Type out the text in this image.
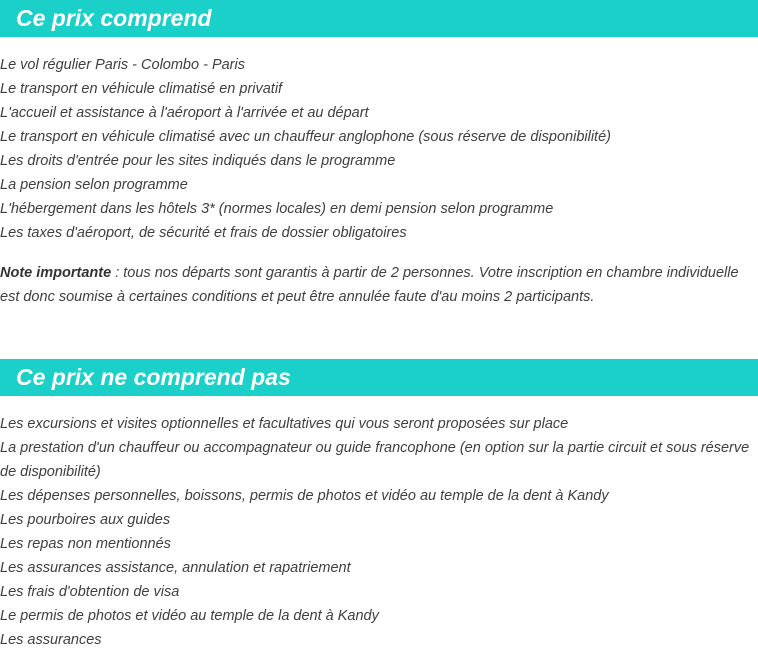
Ce prix comprend
Le vol régulier Paris - Colombo - Paris
Le transport en véhicule climatisé en privatif
L'accueil et assistance à l'aéroport à l'arrivée et au départ
Le transport en véhicule climatisé avec un chauffeur anglophone (sous réserve de disponibilité)
Les droits d'entrée pour les sites indiqués dans le programme
La pension selon programme
L'hébergement dans les hôtels 3* (normes locales) en demi pension selon programme
Les taxes d'aéroport, de sécurité et frais de dossier obligatoires

Note importante : tous nos départs sont garantis à partir de 2 personnes. Votre inscription en chambre individuelle est donc soumise à certaines conditions et peut être annulée faute d'au moins 2 participants.

Ce prix ne comprend pas
Les excursions et visites optionnelles et facultatives qui vous seront proposées sur place
La prestation d'un chauffeur ou accompagnateur ou guide francophone (en option sur la partie circuit et sous réserve de disponibilité)
Les dépenses personnelles, boissons, permis de photos et vidéo au temple de la dent à Kandy
Les pourboires aux guides
Les repas non mentionnés
Les assurances assistance, annulation et rapatriement
Les frais d'obtention de visa
Le permis de photos et vidéo au temple de la dent à Kandy
Les assurances
